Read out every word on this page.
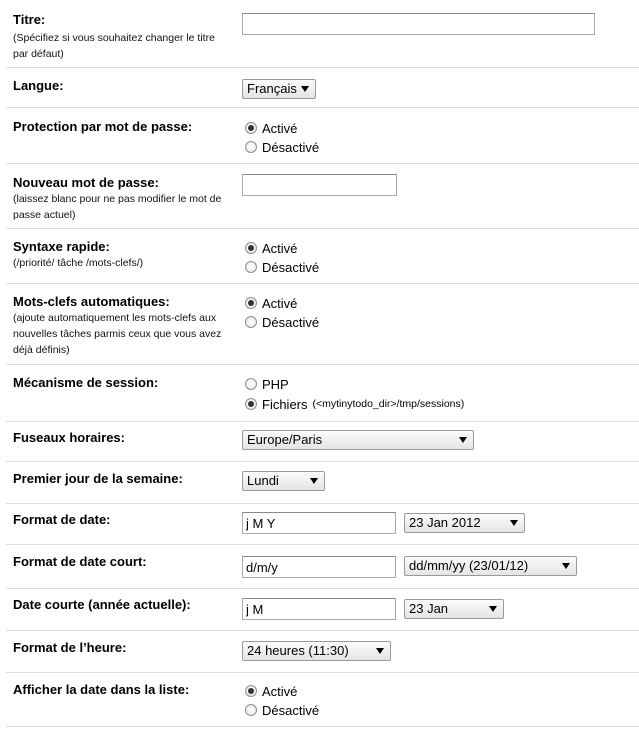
Titre:
(Spécifiez si vous souhaitez changer le titre par défaut)
Langue:	Français
Protection par mot de passe:	Activé
Désactivé
Nouveau mot de passe:
(laissez blanc pour ne pas modifier le mot de passe actuel)
Syntaxe rapide:
(/priorité/ tâche /mots-clefs/)
Activé
Désactivé
Mots-clefs automatiques:
(ajoute automatiquement les mots-clefs aux nouvelles tâches parmis ceux que vous avez déjà définis)
Activé
Désactivé
Mécanisme de session:	PHP
Fichiers (<mytinytodo_dir>/tmp/sessions)
Fuseaux horaires:	Europe/Paris
Premier jour de la semaine:	Lundi
Format de date:
j M Y	23 Jan 2012
Format de date court:
d/m/y	dd/mm/yy (23/01/12)
Date courte (année actuelle):
j M	23 Jan
Format de l’heure:	24 heures (11:30)
Afficher la date dans la liste:	Activé
Désactivé
